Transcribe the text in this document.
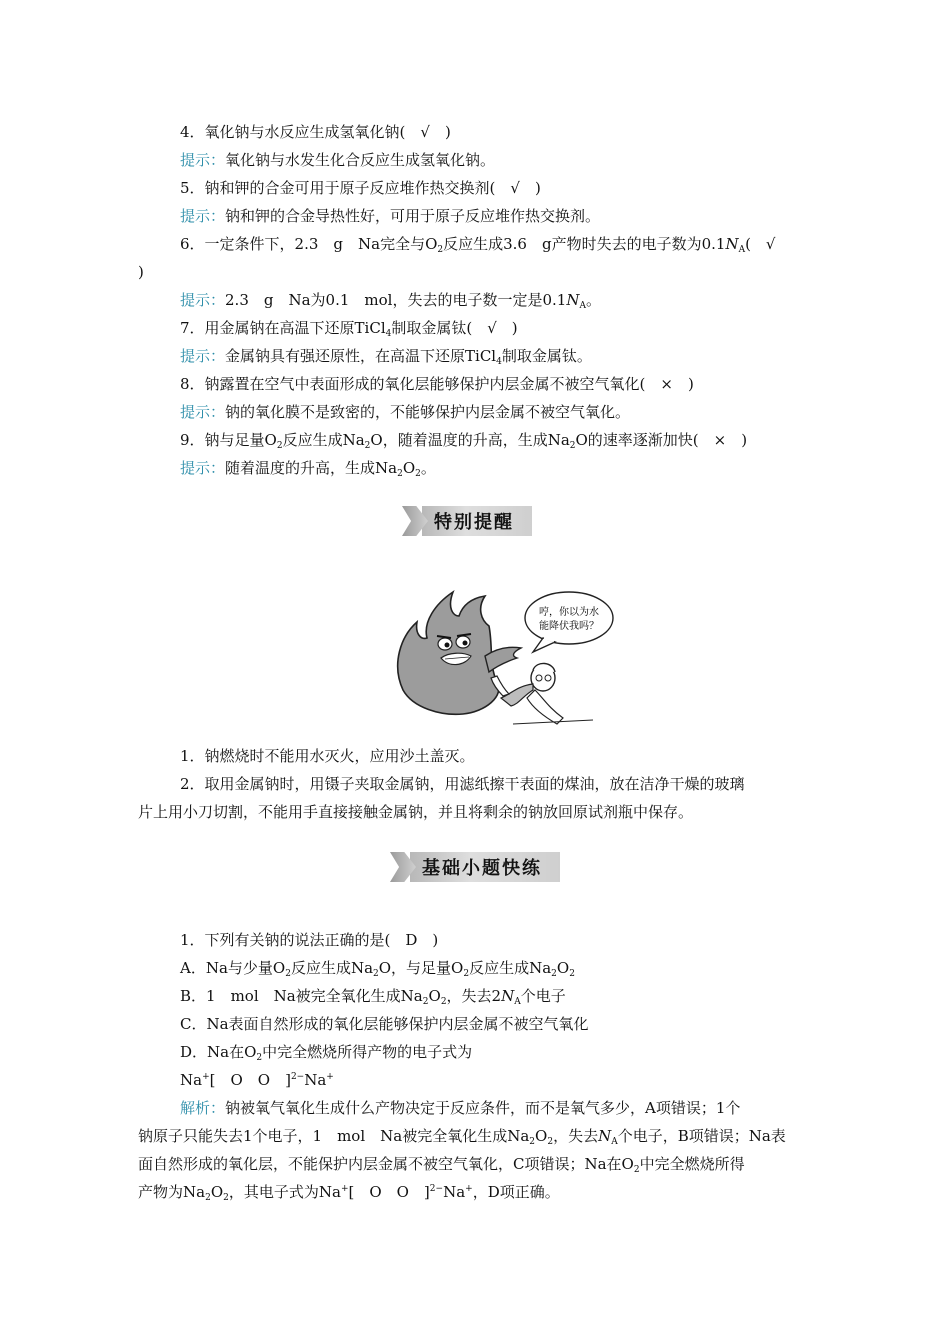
4．氧化钠与水反应生成氢氧化钠(　√　)
提示：氧化钠与水发生化合反应生成氢氧化钠。
5．钠和钾的合金可用于原子反应堆作热交换剂(　√　)
提示：钠和钾的合金导热性好，可用于原子反应堆作热交换剂。
6．一定条件下，2.3　g　Na完全与$O_2$反应生成3.6　g产物时失去的电子数为$0.1N_A$(　√
)
提示：2.3　g　Na为0.1　mol，失去的电子数一定是$0.1N_A$。
7．用金属钠在高温下还原TiCl$_4$制取金属钛(　√　)
提示：金属钠具有强还原性，在高温下还原TiCl$_4$制取金属钛。
8．钠露置在空气中表面形成的氧化层能够保护内层金属不被空气氧化(　×　)
提示：钠的氧化膜不是致密的，不能够保护内层金属不被空气氧化。
9．钠与足量$O_2$反应生成$Na_2O$，随着温度的升高，生成$Na_2O$的速率逐渐加快(　×　)
提示：随着温度的升高，生成$Na_2O_2$。
特别提醒
哼，你以为水
能降伏我吗？
1．钠燃烧时不能用水灭火，应用沙土盖灭。
2．取用金属钠时，用镊子夹取金属钠，用滤纸擦干表面的煤油，放在洁净干燥的玻璃
片上用小刀切割，不能用手直接接触金属钠，并且将剩余的钠放回原试剂瓶中保存。
基础小题快练
1．下列有关钠的说法正确的是(　D　)
A．Na与少量$O_2$反应生成$Na_2O$，与足量$O_2$反应生成$Na_2O_2$
B．1　mol　Na被完全氧化生成$Na_2O_2$，失去$2N_A$个电子
C．Na表面自然形成的氧化层能够保护内层金属不被空气氧化
D．Na在$O_2$中完全燃烧所得产物的电子式为
Na+[　O　O　]$^{2-}$Na+
解析：钠被氧气氧化生成什么产物决定于反应条件，而不是氧气多少，A项错误；1个
钠原子只能失去1个电子，1　mol　Na被完全氧化生成$Na_2O_2$，失去$N_A$个电子，B项错误；Na表
面自然形成的氧化层，不能保护内层金属不被空气氧化，C项错误；Na在$O_2$中完全燃烧所得
产物为$Na_2O_2$，其电子式为Na+[　O　O　]$^{2-}$Na+，D项正确。
